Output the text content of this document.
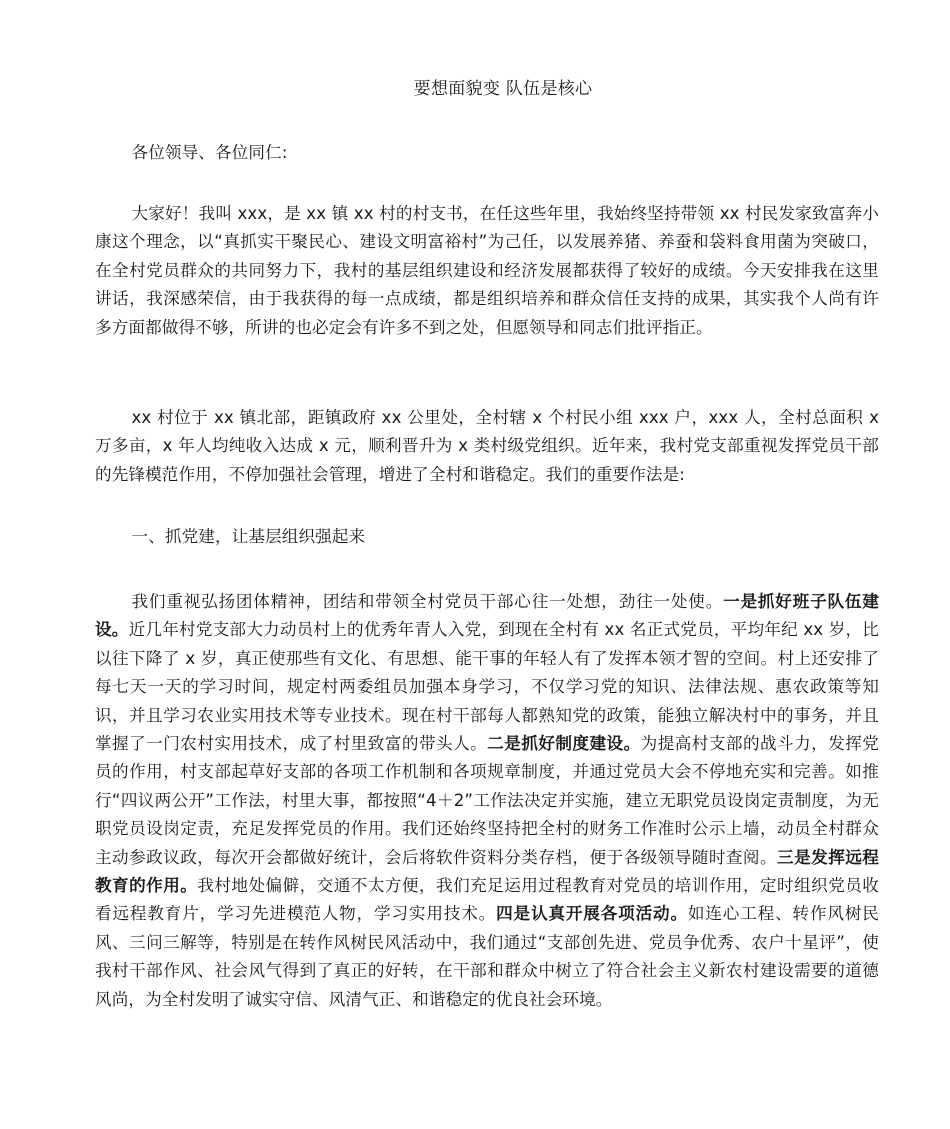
要想面貌变 队伍是核心
各位领导、各位同仁:
大家好！我叫 xxx，是 xx 镇 xx 村的村支书，在任这些年里，我始终坚持带领 xx 村民发家致富奔小康这个理念，以“真抓实干聚民心、建设文明富裕村”为己任，以发展养猪、养蚕和袋料食用菌为突破口，在全村党员群众的共同努力下，我村的基层组织建设和经济发展都获得了较好的成绩。今天安排我在这里讲话，我深感荣信，由于我获得的每一点成绩，都是组织培养和群众信任支持的成果，其实我个人尚有许多方面都做得不够，所讲的也必定会有许多不到之处，但愿领导和同志们批评指正。
xx 村位于 xx 镇北部，距镇政府 xx 公里处，全村辖 x 个村民小组 xxx 户，xxx 人，全村总面积 x 万多亩，x 年人均纯收入达成 x 元，顺利晋升为 x 类村级党组织。近年来，我村党支部重视发挥党员干部的先锋模范作用，不停加强社会管理，增进了全村和谐稳定。我们的重要作法是:
一、抓党建，让基层组织强起来
我们重视弘扬团体精神，团结和带领全村党员干部心往一处想，劲往一处使。一是抓好班子队伍建设。近几年村党支部大力动员村上的优秀年青人入党，到现在全村有 xx 名正式党员，平均年纪 xx 岁，比以往下降了 x 岁，真正使那些有文化、有思想、能干事的年轻人有了发挥本领才智的空间。村上还安排了每七天一天的学习时间，规定村两委组员加强本身学习，不仅学习党的知识、法律法规、惠农政策等知识，并且学习农业实用技术等专业技术。现在村干部每人都熟知党的政策，能独立解决村中的事务，并且掌握了一门农村实用技术，成了村里致富的带头人。二是抓好制度建设。为提高村支部的战斗力，发挥党员的作用，村支部起草好支部的各项工作机制和各项规章制度，并通过党员大会不停地充实和完善。如推行“四议两公开”工作法，村里大事，都按照“4＋2”工作法决定并实施，建立无职党员设岗定责制度，为无职党员设岗定责，充足发挥党员的作用。我们还始终坚持把全村的财务工作准时公示上墙，动员全村群众主动参政议政，每次开会都做好统计，会后将软件资料分类存档，便于各级领导随时查阅。三是发挥远程教育的作用。我村地处偏僻，交通不太方便，我们充足运用过程教育对党员的培训作用，定时组织党员收看远程教育片，学习先进模范人物，学习实用技术。四是认真开展各项活动。如连心工程、转作风树民风、三问三解等，特别是在转作风树民风活动中，我们通过“支部创先进、党员争优秀、农户十星评”，使我村干部作风、社会风气得到了真正的好转，在干部和群众中树立了符合社会主义新农村建设需要的道德风尚，为全村发明了诚实守信、风清气正、和谐稳定的优良社会环境。
